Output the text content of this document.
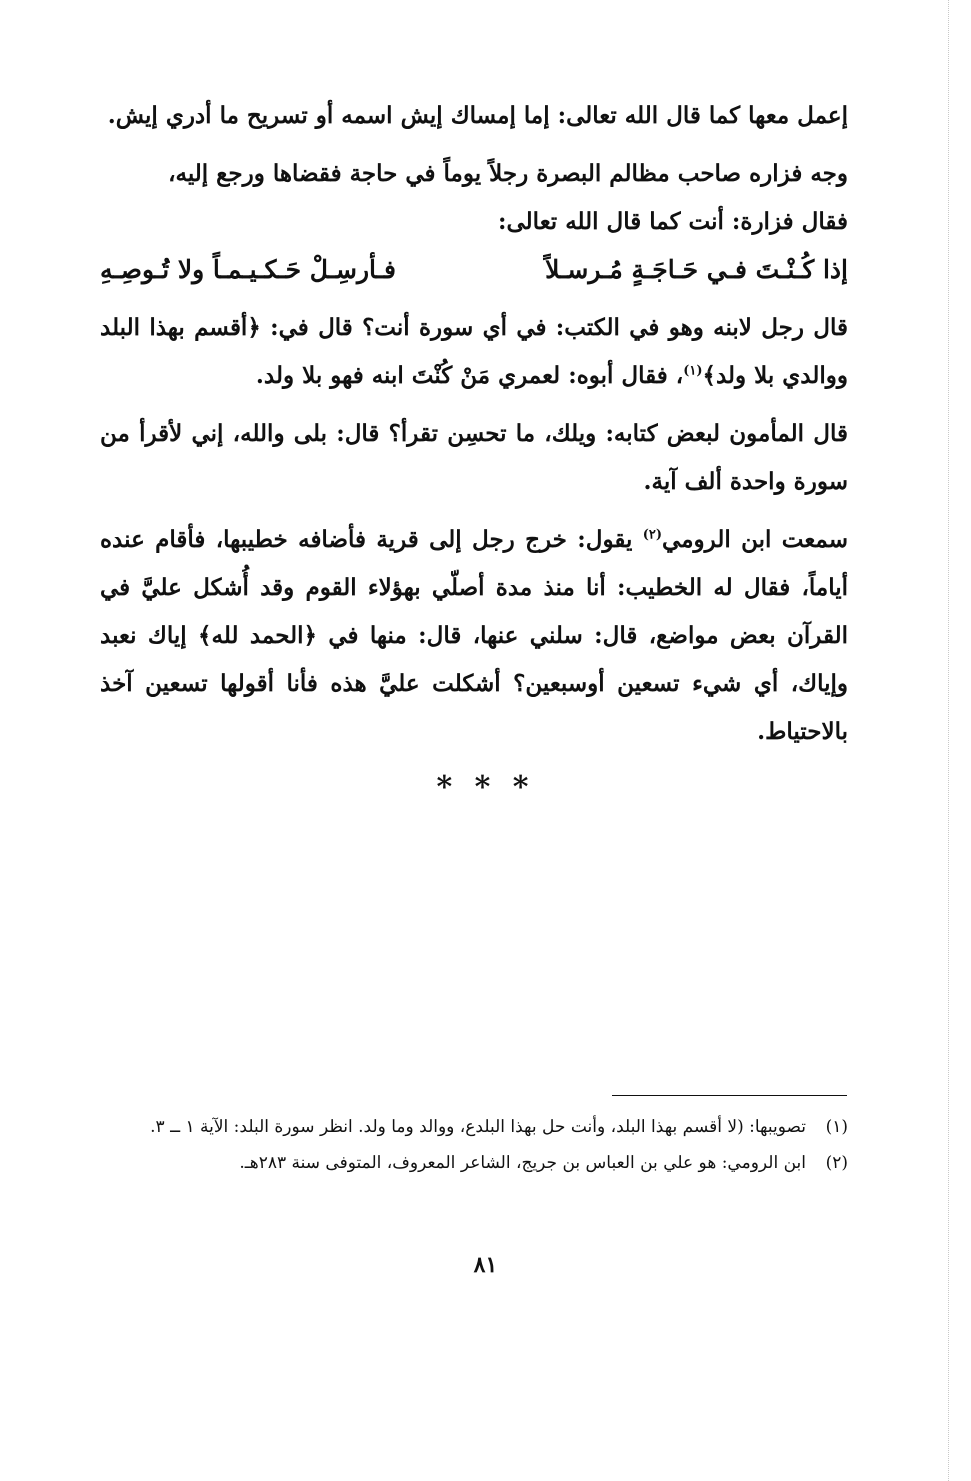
إعمل معها كما قال الله تعالى: إما إمساك إيش اسمه أو تسريح ما أدري إيش.

وجه فزاره صاحب مظالم البصرة رجلاً يوماً في حاجة فقضاها ورجع إليه،

فقال فزارة: أنت كما قال الله تعالى:

إذا كُـنْـتَ فـي حَـاجَـةٍ مُـرسـلاً
فـأرسِـلْ حَـكـيـمـاً ولا تُـوصِـهِ

قال رجل لابنه وهو في الكتب: في أي سورة أنت؟ قال في: ﴿أقسم بهذا البلد ووالدي بلا ولد﴾$^{(١)}$، فقال أبوه: لعمري مَنْ كُنْتَ ابنه فهو بلا ولد.

قال المأمون لبعض كتابه: ويلك، ما تحسِن تقرأ؟ قال: بلى والله، إني لأقرأ من سورة واحدة ألف آية.

سمعت ابن الرومي$^{(٢)}$ يقول: خرج رجل إلى قرية فأضافه خطيبها، فأقام عنده أياماً، فقال له الخطيب: أنا منذ مدة أصلّي بهؤلاء القوم وقد أُشكل عليَّ في القرآن بعض مواضع، قال: سلني عنها، قال: منها في ﴿الحمد لله﴾ إياك نعبد وإياك، أي شيء تسعين أوسبعين؟ أشكلت عليَّ هذه فأنا أقولها تسعين آخذ بالاحتياط.

* * *
(١)
تصويبها: (لا أقسم بهذا البلد، وأنت حل بهذا البلدع، ووالد وما ولد. انظر سورة البلد: الآية ١ ــ ٣.
(٢)
ابن الرومي: هو علي بن العباس بن جريج، الشاعر المعروف، المتوفى سنة ٢٨٣هـ.
٨١
